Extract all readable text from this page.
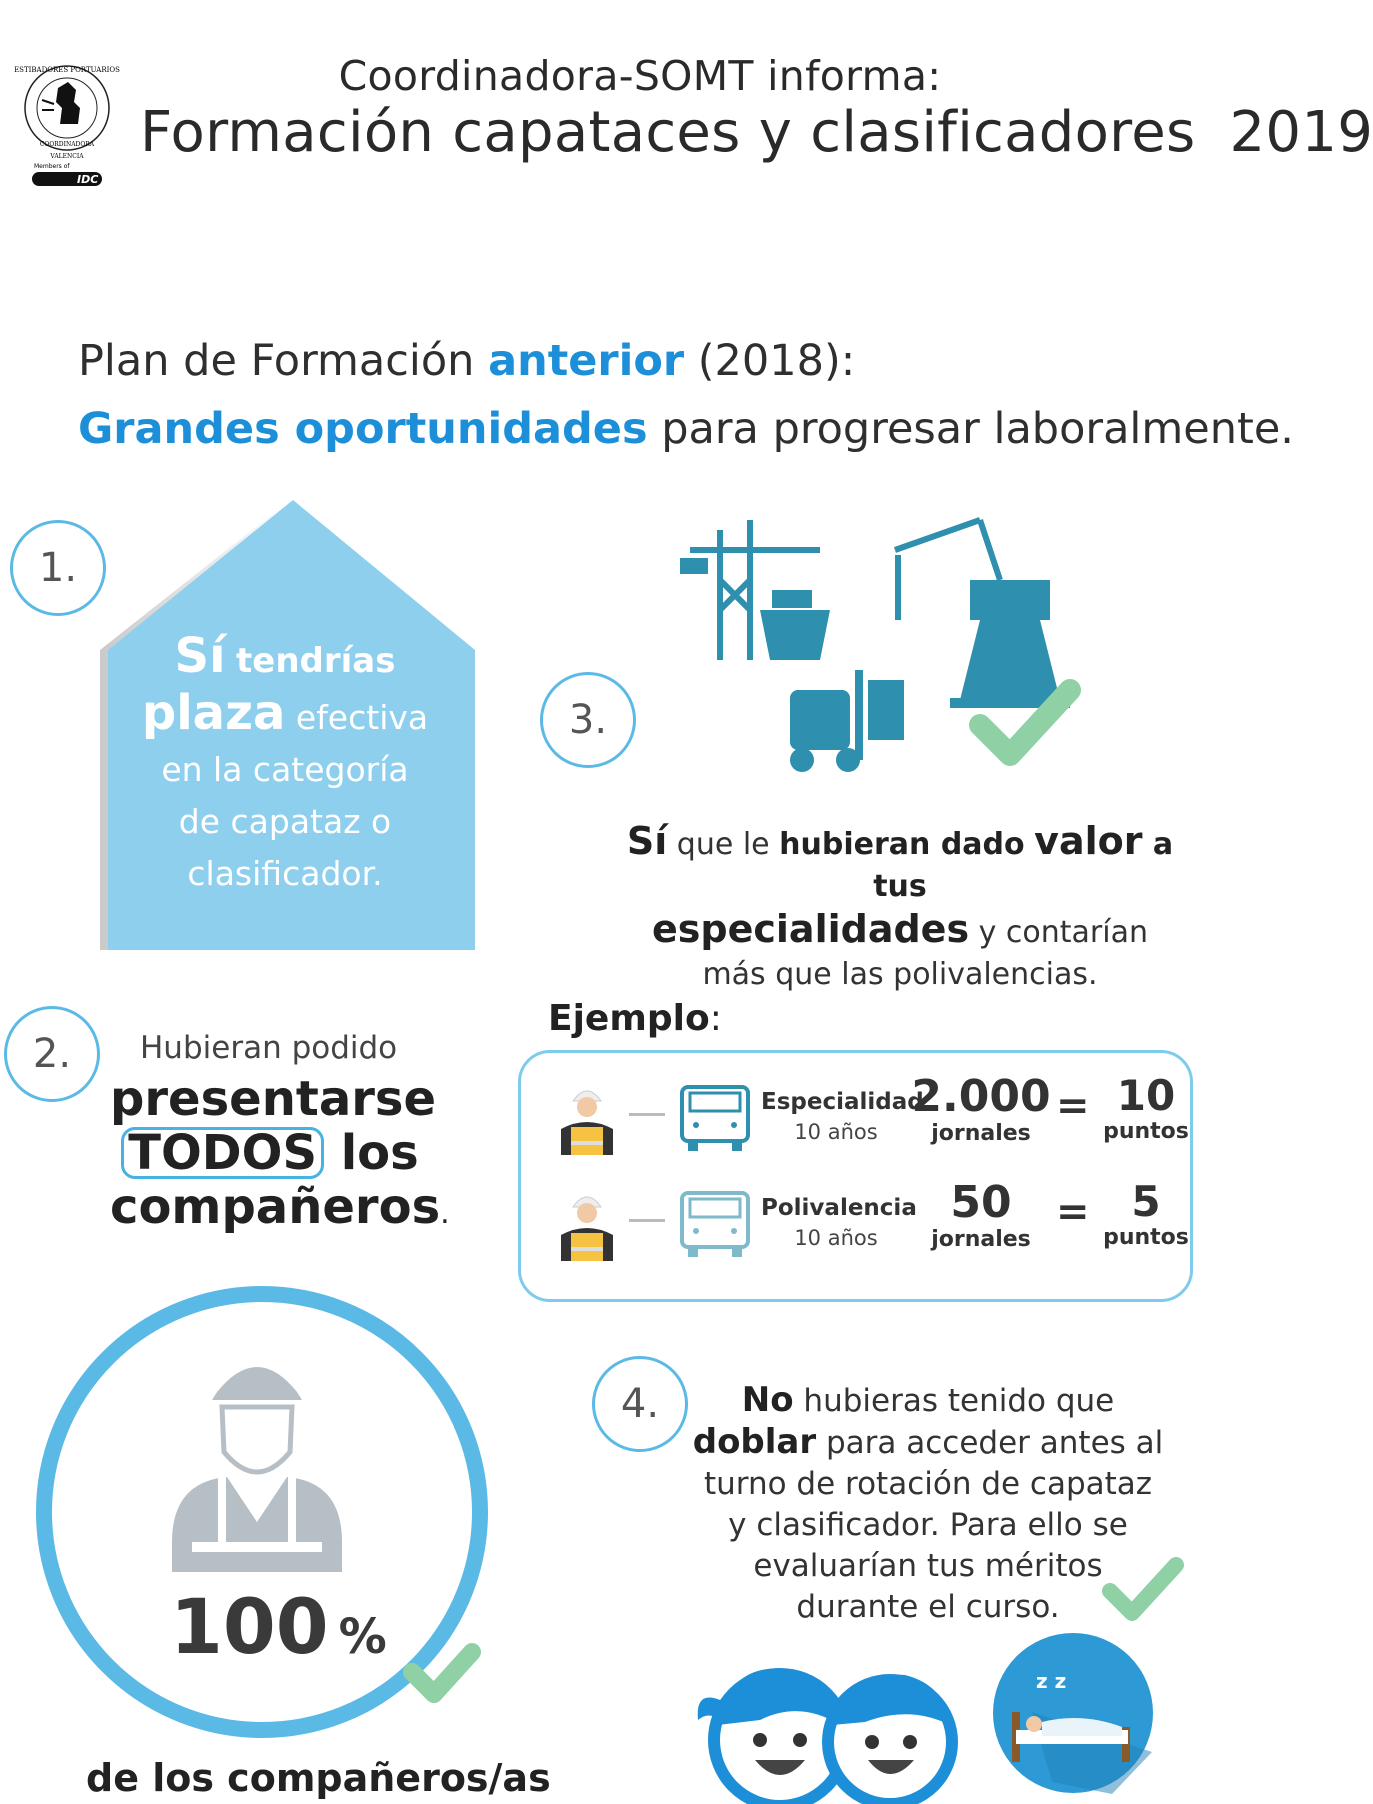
ESTIBADORES PORTUARIOS
COORDINADORA
VALENCIA
Members of
IDC
Coordinadora-SOMT informa:
Formación capataces y clasificadores 2019
Plan de Formación anterior (2018):
Grandes oportunidades para progresar laboralmente.
1.
Sí tendrías
plaza efectiva
en la categoría
de capataz o
clasificador.
3.
Sí que le hubieran dado valor a tus
especialidades y contarían
más que las polivalencias.
2.	Hubieran podido
presentarse
TODOS los
compañeros.
Ejemplo:
Especialidad
10 años
2.000
jornales
= 10
puntos
Polivalencia
10 años
50
jornales
= 5
puntos
100 %
de los compañeros/as
4.	No hubieras tenido que
doblar para acceder antes al
turno de rotación de capataz
y clasificador. Para ello se
evaluarían tus méritos
durante el curso.
z z
